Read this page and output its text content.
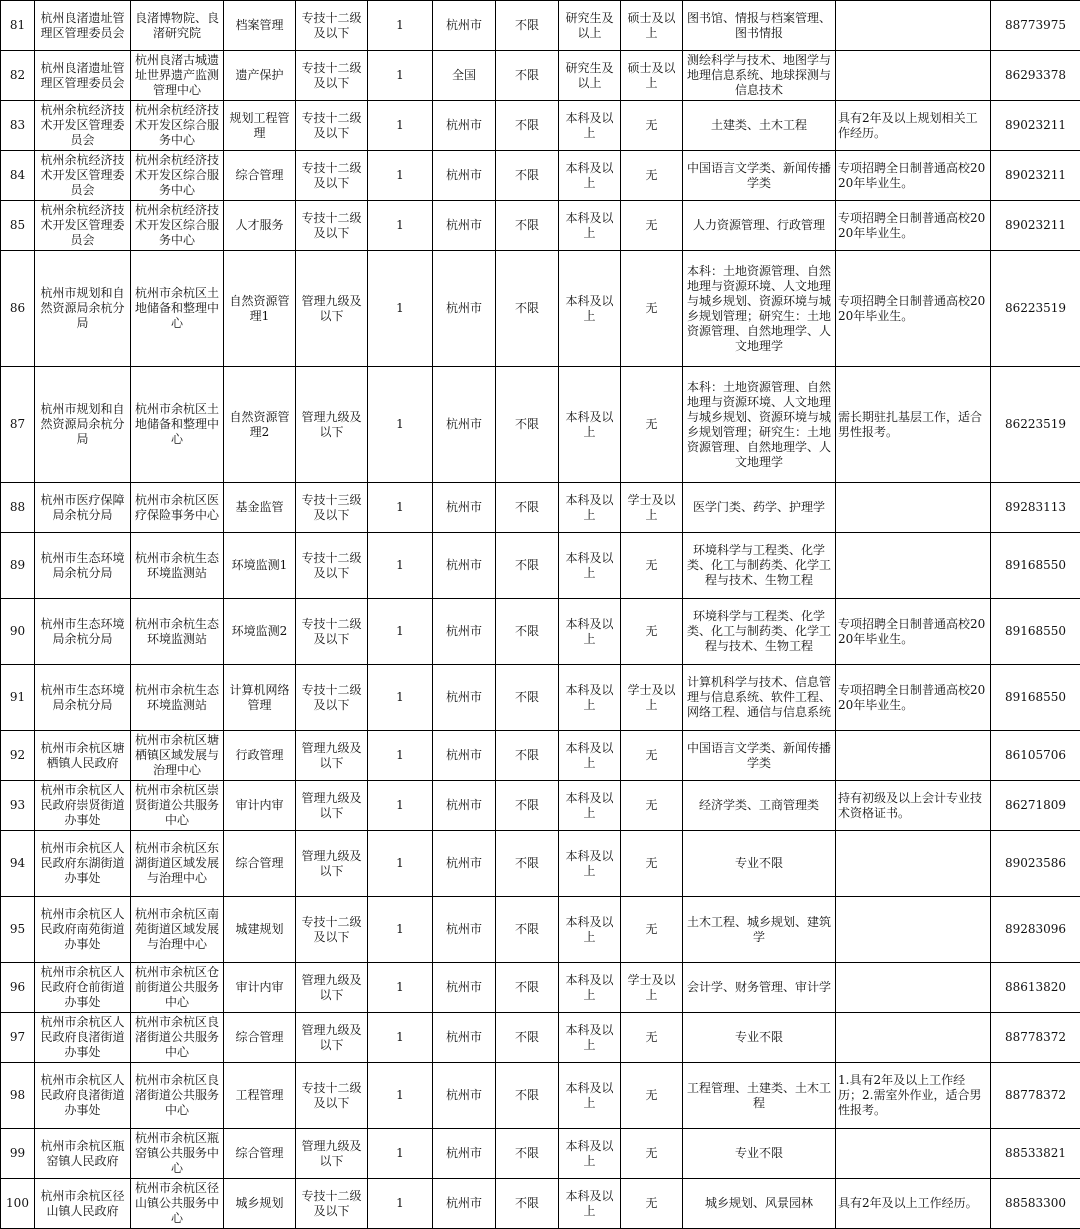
81	杭州良渚遗址管理区管理委员会	良渚博物院、良渚研究院	档案管理	专技十二级及以下	1	杭州市	不限	研究生及以上	硕士及以上	图书馆、情报与档案管理、图书情报		88773975
82	杭州良渚遗址管理区管理委员会	杭州良渚古城遗址世界遗产监测管理中心	遗产保护	专技十二级及以下	1	全国	不限	研究生及以上	硕士及以上	测绘科学与技术、地图学与地理信息系统、地球探测与信息技术		86293378
83	杭州余杭经济技术开发区管理委员会	杭州余杭经济技术开发区综合服务中心	规划工程管理	专技十二级及以下	1	杭州市	不限	本科及以上	无	土建类、土木工程	具有2年及以上规划相关工作经历。	89023211
84	杭州余杭经济技术开发区管理委员会	杭州余杭经济技术开发区综合服务中心	综合管理	专技十二级及以下	1	杭州市	不限	本科及以上	无	中国语言文学类、新闻传播学类	专项招聘全日制普通高校2020年毕业生。	89023211
85	杭州余杭经济技术开发区管理委员会	杭州余杭经济技术开发区综合服务中心	人才服务	专技十二级及以下	1	杭州市	不限	本科及以上	无	人力资源管理、行政管理	专项招聘全日制普通高校2020年毕业生。	89023211
86	杭州市规划和自然资源局余杭分局	杭州市余杭区土地储备和整理中心	自然资源管理1	管理九级及以下	1	杭州市	不限	本科及以上	无	本科：土地资源管理、自然地理与资源环境、人文地理与城乡规划、资源环境与城乡规划管理；研究生：土地资源管理、自然地理学、人文地理学	专项招聘全日制普通高校2020年毕业生。	86223519
87	杭州市规划和自然资源局余杭分局	杭州市余杭区土地储备和整理中心	自然资源管理2	管理九级及以下	1	杭州市	不限	本科及以上	无	本科：土地资源管理、自然地理与资源环境、人文地理与城乡规划、资源环境与城乡规划管理；研究生：土地资源管理、自然地理学、人文地理学	需长期驻扎基层工作，适合男性报考。	86223519
88	杭州市医疗保障局余杭分局	杭州市余杭区医疗保险事务中心	基金监管	专技十三级及以下	1	杭州市	不限	本科及以上	学士及以上	医学门类、药学、护理学		89283113
89	杭州市生态环境局余杭分局	杭州市余杭生态环境监测站	环境监测1	专技十二级及以下	1	杭州市	不限	本科及以上	无	环境科学与工程类、化学类、化工与制药类、化学工程与技术、生物工程		89168550
90	杭州市生态环境局余杭分局	杭州市余杭生态环境监测站	环境监测2	专技十二级及以下	1	杭州市	不限	本科及以上	无	环境科学与工程类、化学类、化工与制药类、化学工程与技术、生物工程	专项招聘全日制普通高校2020年毕业生。	89168550
91	杭州市生态环境局余杭分局	杭州市余杭生态环境监测站	计算机网络管理	专技十二级及以下	1	杭州市	不限	本科及以上	学士及以上	计算机科学与技术、信息管理与信息系统、软件工程、网络工程、通信与信息系统	专项招聘全日制普通高校2020年毕业生。	89168550
92	杭州市余杭区塘栖镇人民政府	杭州市余杭区塘栖镇区域发展与治理中心	行政管理	管理九级及以下	1	杭州市	不限	本科及以上	无	中国语言文学类、新闻传播学类		86105706
93	杭州市余杭区人民政府崇贤街道办事处	杭州市余杭区崇贤街道公共服务中心	审计内审	管理九级及以下	1	杭州市	不限	本科及以上	无	经济学类、工商管理类	持有初级及以上会计专业技术资格证书。	86271809
94	杭州市余杭区人民政府东湖街道办事处	杭州市余杭区东湖街道区域发展与治理中心	综合管理	管理九级及以下	1	杭州市	不限	本科及以上	无	专业不限		89023586
95	杭州市余杭区人民政府南苑街道办事处	杭州市余杭区南苑街道区域发展与治理中心	城建规划	专技十二级及以下	1	杭州市	不限	本科及以上	无	土木工程、城乡规划、建筑学		89283096
96	杭州市余杭区人民政府仓前街道办事处	杭州市余杭区仓前街道公共服务中心	审计内审	管理九级及以下	1	杭州市	不限	本科及以上	学士及以上	会计学、财务管理、审计学		88613820
97	杭州市余杭区人民政府良渚街道办事处	杭州市余杭区良渚街道公共服务中心	综合管理	管理九级及以下	1	杭州市	不限	本科及以上	无	专业不限		88778372
98	杭州市余杭区人民政府良渚街道办事处	杭州市余杭区良渚街道公共服务中心	工程管理	专技十二级及以下	1	杭州市	不限	本科及以上	无	工程管理、土建类、土木工程	1.具有2年及以上工作经历；2.需室外作业，适合男性报考。	88778372
99	杭州市余杭区瓶窑镇人民政府	杭州市余杭区瓶窑镇公共服务中心	综合管理	管理九级及以下	1	杭州市	不限	本科及以上	无	专业不限		88533821
100	杭州市余杭区径山镇人民政府	杭州市余杭区径山镇公共服务中心	城乡规划	专技十二级及以下	1	杭州市	不限	本科及以上	无	城乡规划、风景园林	具有2年及以上工作经历。	88583300
